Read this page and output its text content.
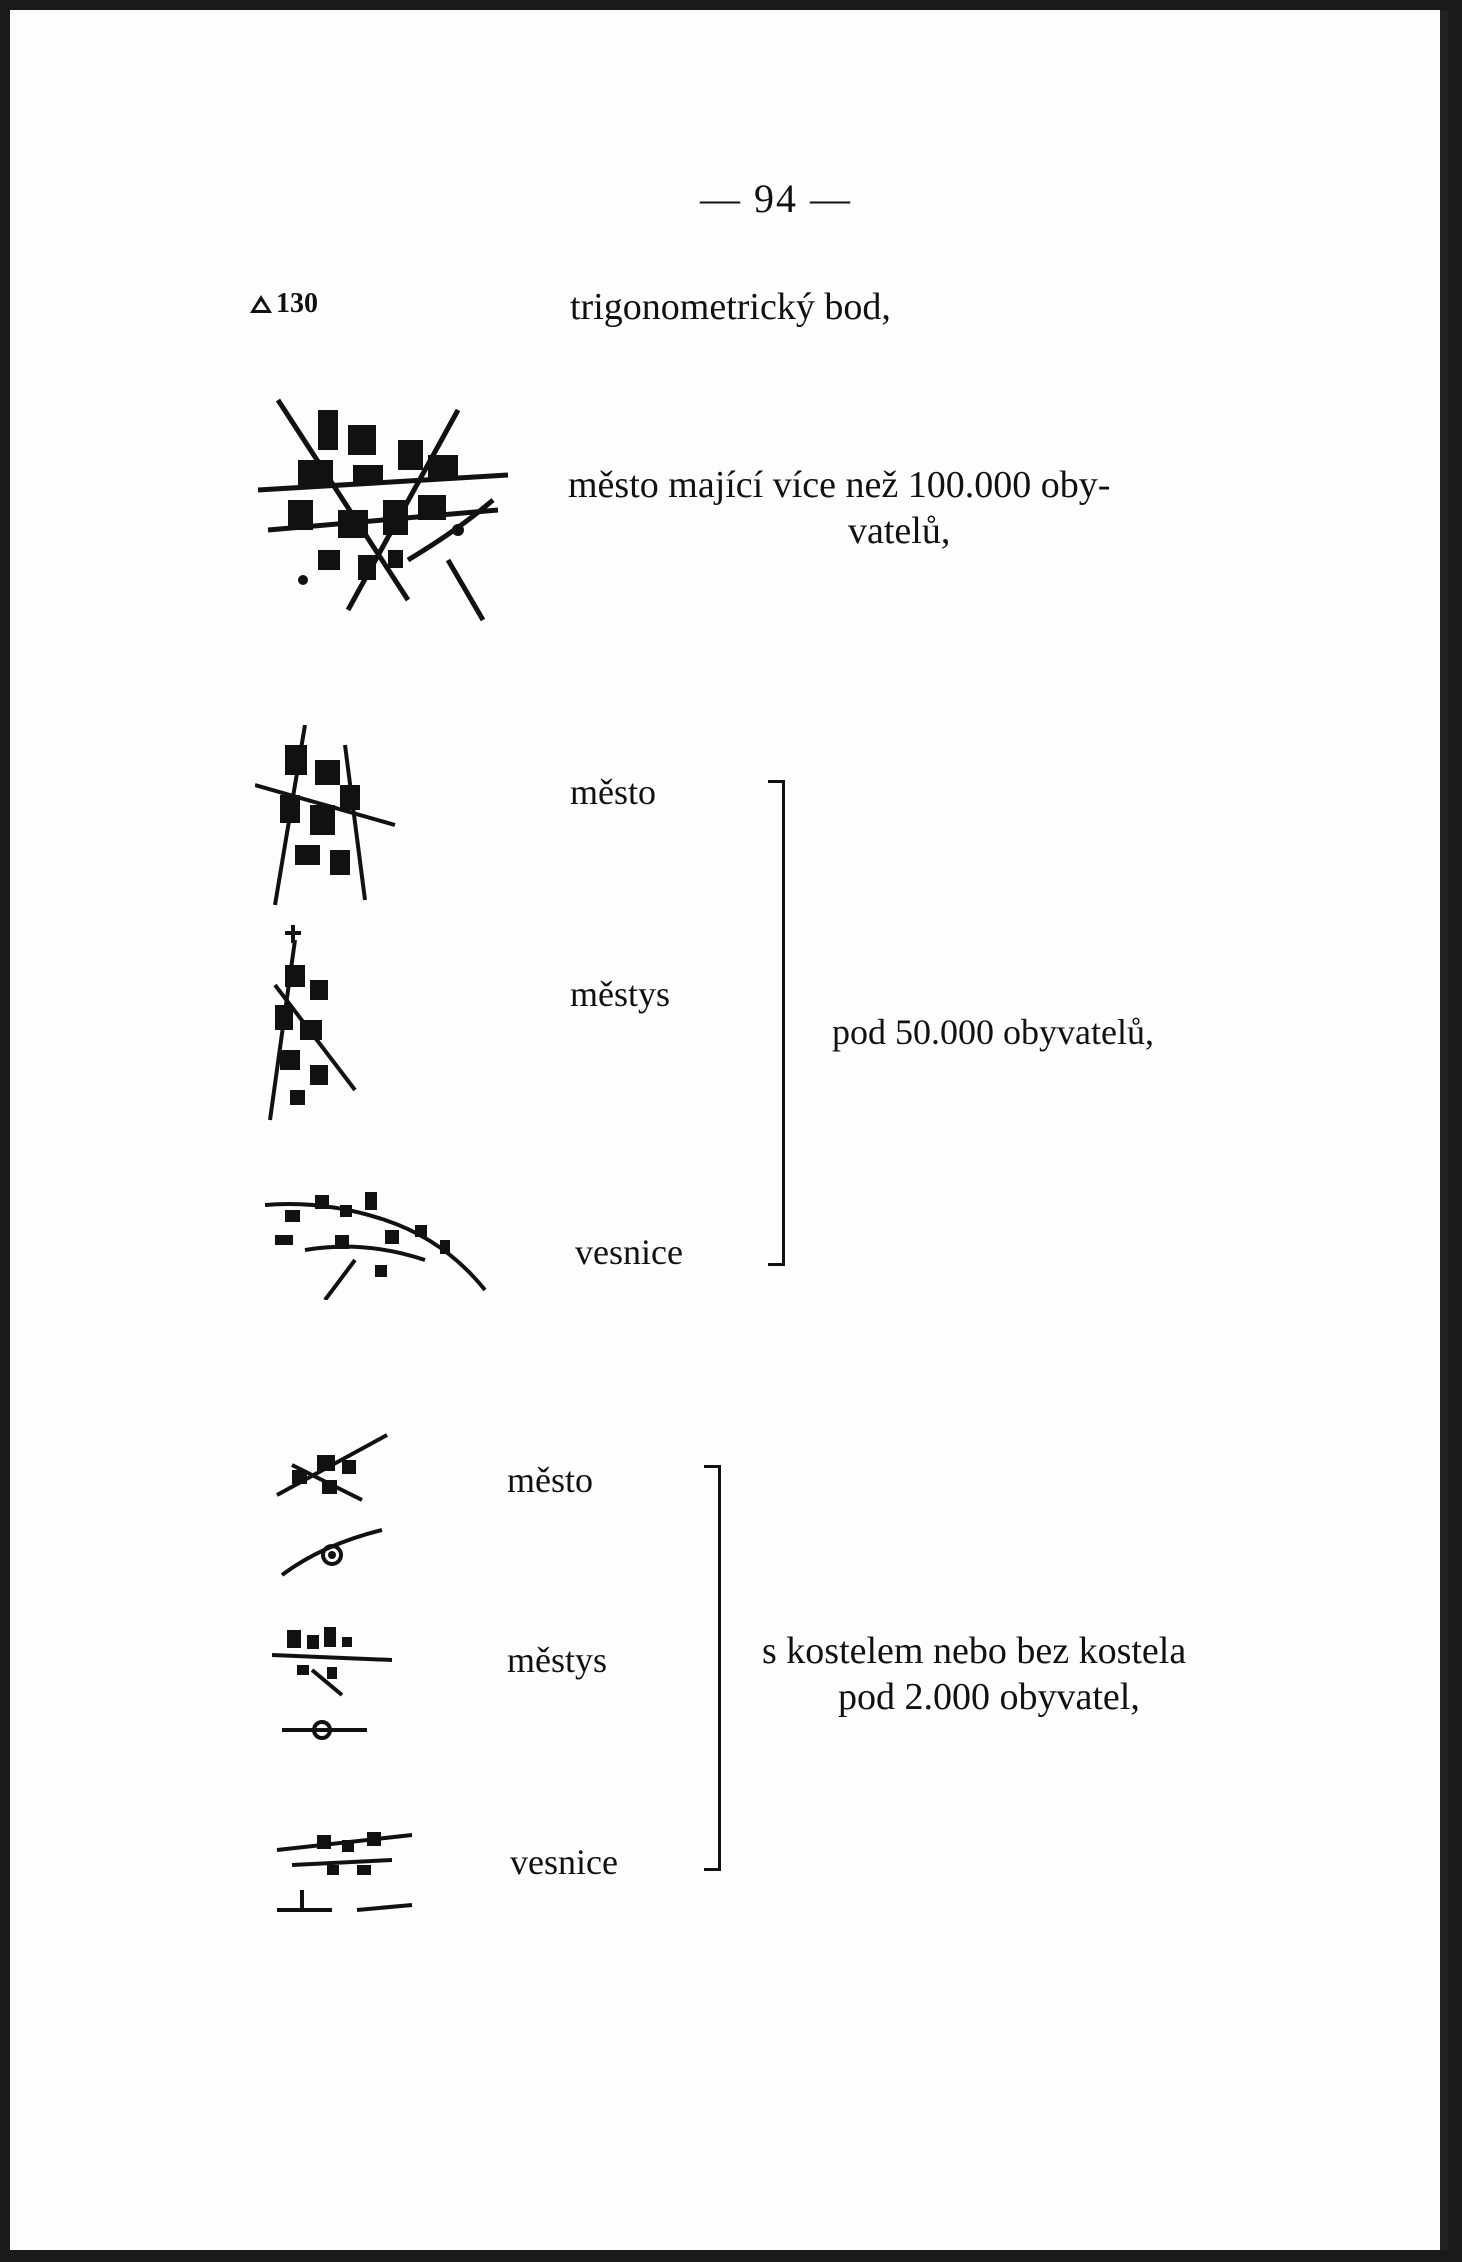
— 94 —
130	trigonometrický bod,
město mající více než 100.000 oby-
vatelů,
město
městys
vesnice
pod 50.000 obyvatelů,
město
městys
vesnice
s kostelem nebo bez kostela
pod 2.000 obyvatel,
